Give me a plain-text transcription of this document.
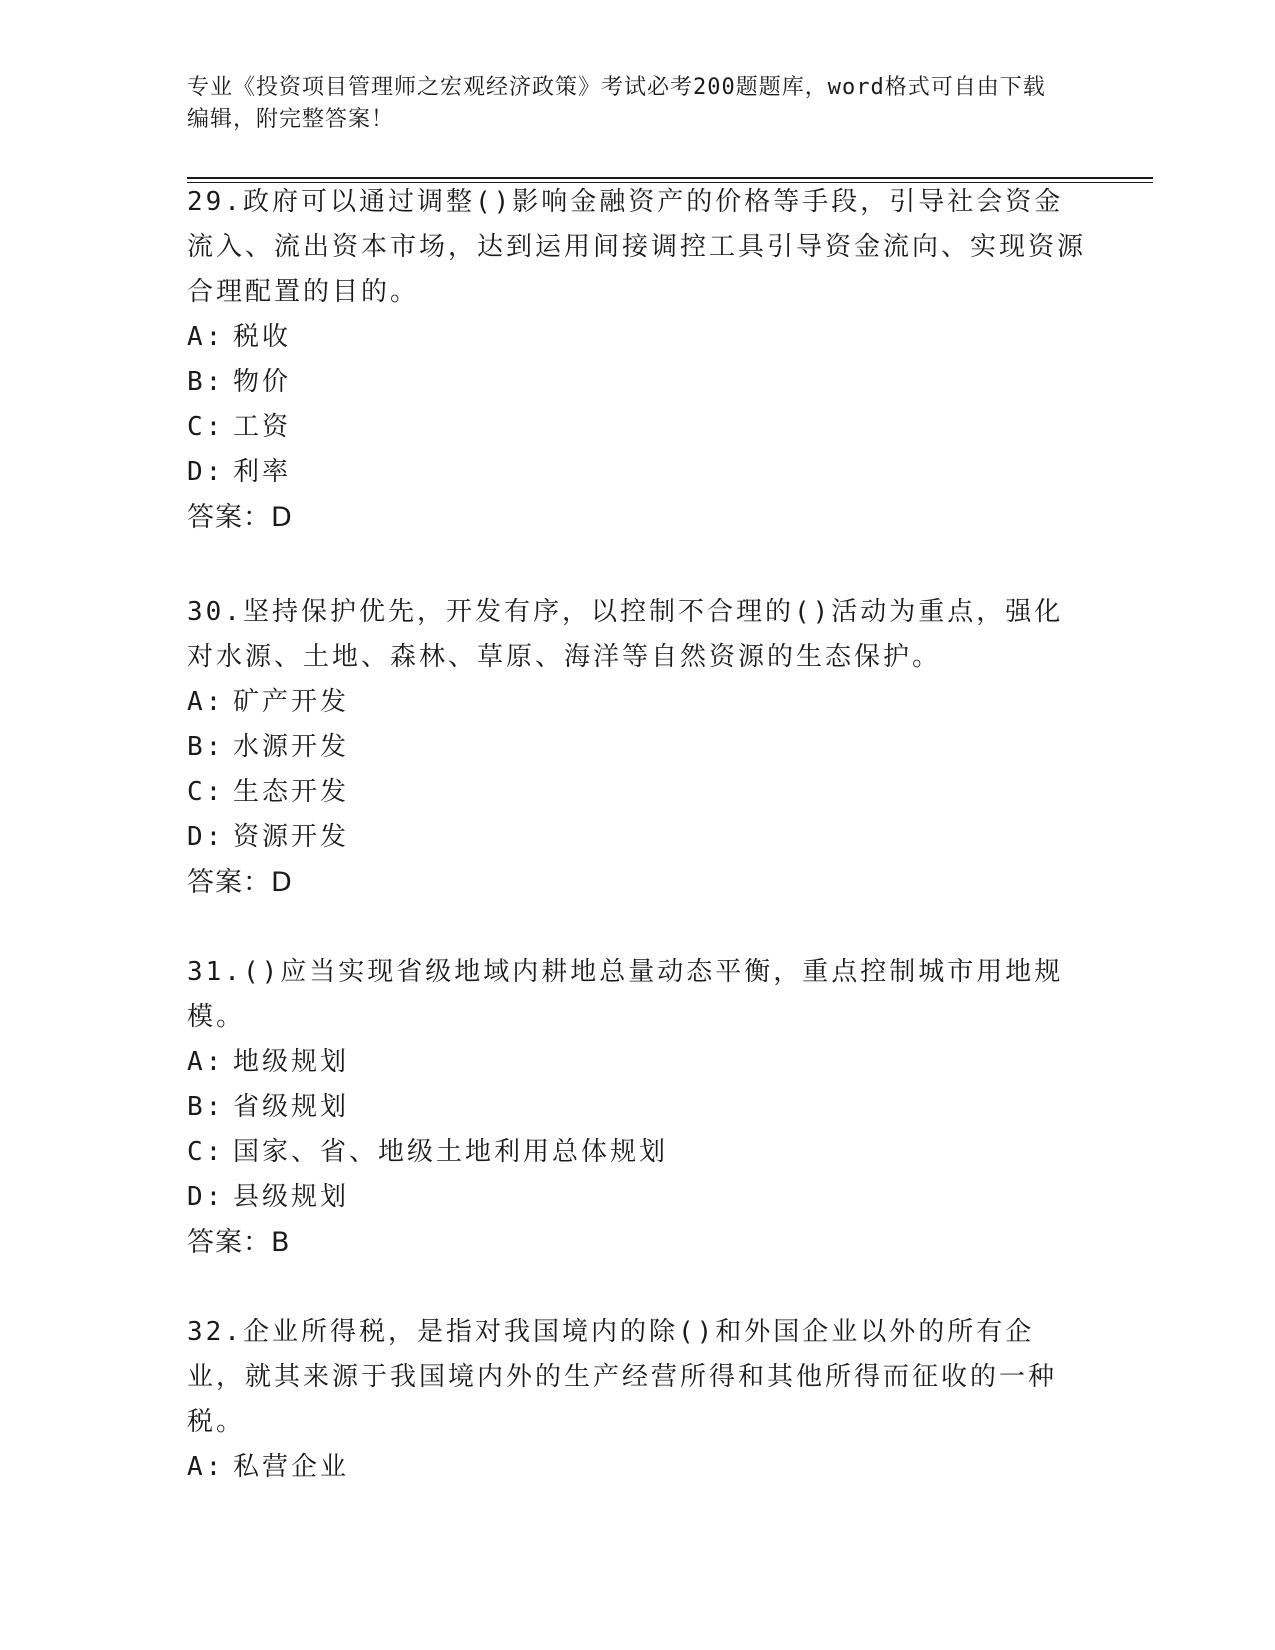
专业《投资项目管理师之宏观经济政策》考试必考200题题库，word格式可自由下载编辑，附完整答案！
29.政府可以通过调整()影响金融资产的价格等手段，引导社会资金流入、流出资本市场，达到运用间接调控工具引导资金流向、实现资源合理配置的目的。
A: 税收
B: 物价
C: 工资
D: 利率
答案：D
30.坚持保护优先，开发有序，以控制不合理的()活动为重点，强化对水源、土地、森林、草原、海洋等自然资源的生态保护。
A: 矿产开发
B: 水源开发
C: 生态开发
D: 资源开发
答案：D
31.()应当实现省级地域内耕地总量动态平衡，重点控制城市用地规模。
A: 地级规划
B: 省级规划
C: 国家、省、地级土地利用总体规划
D: 县级规划
答案：B
32.企业所得税，是指对我国境内的除()和外国企业以外的所有企业，就其来源于我国境内外的生产经营所得和其他所得而征收的一种税。
A: 私营企业
